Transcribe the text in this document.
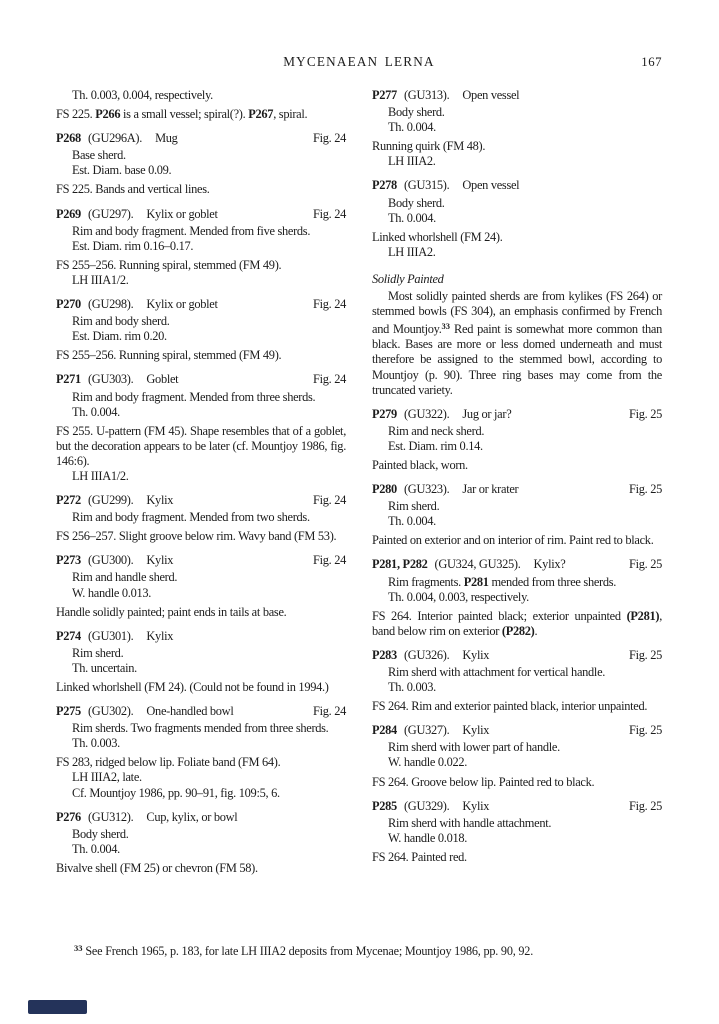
MYCENAEAN LERNA	167
Th. 0.003, 0.004, respectively.
FS 225. P266 is a small vessel; spiral(?). P267, spiral.
P268 (GU296A). Mug	Fig. 24
Base sherd.
Est. Diam. base 0.09.
FS 225. Bands and vertical lines.
P269 (GU297). Kylix or goblet	Fig. 24
Rim and body fragment. Mended from five sherds.
Est. Diam. rim 0.16–0.17.
FS 255–256. Running spiral, stemmed (FM 49).
LH IIIA1/2.
P270 (GU298). Kylix or goblet	Fig. 24
Rim and body sherd.
Est. Diam. rim 0.20.
FS 255–256. Running spiral, stemmed (FM 49).
P271 (GU303). Goblet	Fig. 24
Rim and body fragment. Mended from three sherds.
Th. 0.004.
FS 255. U-pattern (FM 45). Shape resembles that of a goblet, but the decoration appears to be later (cf. Mountjoy 1986, fig. 146:6).
LH IIIA1/2.
P272 (GU299). Kylix	Fig. 24
Rim and body fragment. Mended from two sherds.
FS 256–257. Slight groove below rim. Wavy band (FM 53).
P273 (GU300). Kylix	Fig. 24
Rim and handle sherd.
W. handle 0.013.
Handle solidly painted; paint ends in tails at base.
P274 (GU301). Kylix
Rim sherd.
Th. uncertain.
Linked whorlshell (FM 24). (Could not be found in 1994.)
P275 (GU302). One-handled bowl	Fig. 24
Rim sherds. Two fragments mended from three sherds.
Th. 0.003.
FS 283, ridged below lip. Foliate band (FM 64).
LH IIIA2, late.
Cf. Mountjoy 1986, pp. 90–91, fig. 109:5, 6.
P276 (GU312). Cup, kylix, or bowl
Body sherd.
Th. 0.004.
Bivalve shell (FM 25) or chevron (FM 58).
P277 (GU313). Open vessel
Body sherd.
Th. 0.004.
Running quirk (FM 48).
LH IIIA2.
P278 (GU315). Open vessel
Body sherd.
Th. 0.004.
Linked whorlshell (FM 24).
LH IIIA2.
Solidly Painted
Most solidly painted sherds are from kylikes (FS 264) or stemmed bowls (FS 304), an emphasis confirmed by French and Mountjoy.$^{33}$ Red paint is somewhat more common than black. Bases are more or less domed underneath and must therefore be assigned to the stemmed bowl, according to Mountjoy (p. 90). Three ring bases may come from the truncated variety.
P279 (GU322). Jug or jar?	Fig. 25
Rim and neck sherd.
Est. Diam. rim 0.14.
Painted black, worn.
P280 (GU323). Jar or krater	Fig. 25
Rim sherd.
Th. 0.004.
Painted on exterior and on interior of rim. Paint red to black.
P281, P282 (GU324, GU325). Kylix?	Fig. 25
Rim fragments. P281 mended from three sherds.
Th. 0.004, 0.003, respectively.
FS 264. Interior painted black; exterior unpainted (P281), band below rim on exterior (P282).
P283 (GU326). Kylix	Fig. 25
Rim sherd with attachment for vertical handle.
Th. 0.003.
FS 264. Rim and exterior painted black, interior unpainted.
P284 (GU327). Kylix	Fig. 25
Rim sherd with lower part of handle.
W. handle 0.022.
FS 264. Groove below lip. Painted red to black.
P285 (GU329). Kylix	Fig. 25
Rim sherd with handle attachment.
W. handle 0.018.
FS 264. Painted red.
$^{33}$ See French 1965, p. 183, for late LH IIIA2 deposits from Mycenae; Mountjoy 1986, pp. 90, 92.
